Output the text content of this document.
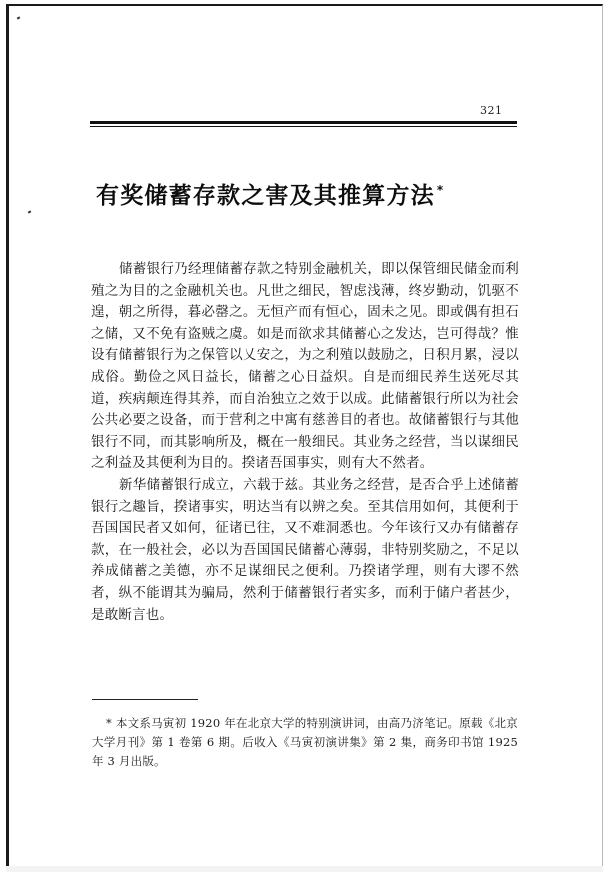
321
有奖储蓄存款之害及其推算方法 *

储蓄银行乃经理储蓄存款之特别金融机关，即以保管细民储金而利殖之为目的之金融机关也。凡世之细民，智虑浅薄，终岁勤动，饥驱不遑，朝之所得，暮必罄之。无恒产而有恒心，固未之见。即或偶有担石之储，又不免有盗贼之虞。如是而欲求其储蓄心之发达，岂可得哉？惟设有储蓄银行为之保管以乂安之，为之利殖以鼓励之，日积月累，浸以成俗。勤俭之风日益长，储蓄之心日益炽。自是而细民养生送死尽其道，疾病颠连得其养，而自治独立之效于以成。此储蓄银行所以为社会公共必要之设备，而于营利之中寓有慈善目的者也。故储蓄银行与其他银行不同，而其影响所及，概在一般细民。其业务之经营，当以谋细民之利益及其便利为目的。揆诸吾国事实，则有大不然者。

新华储蓄银行成立，六载于兹。其业务之经营，是否合乎上述储蓄银行之趣旨，揆诸事实，明达当有以辨之矣。至其信用如何，其便利于吾国国民者又如何，征诸已往，又不难洞悉也。今年该行又办有储蓄存款，在一般社会，必以为吾国国民储蓄心薄弱，非特别奖励之，不足以养成储蓄之美德，亦不足谋细民之便利。乃揆诸学理，则有大谬不然者，纵不能谓其为骗局，然利于储蓄银行者实多，而利于储户者甚少，是敢断言也。

* 本文系马寅初 1920 年在北京大学的特别演讲词，由高乃济笔记。原载《北京大学月刊》第 1 卷第 6 期。后收入《马寅初演讲集》第 2 集，商务印书馆 1925 年 3 月出版。
